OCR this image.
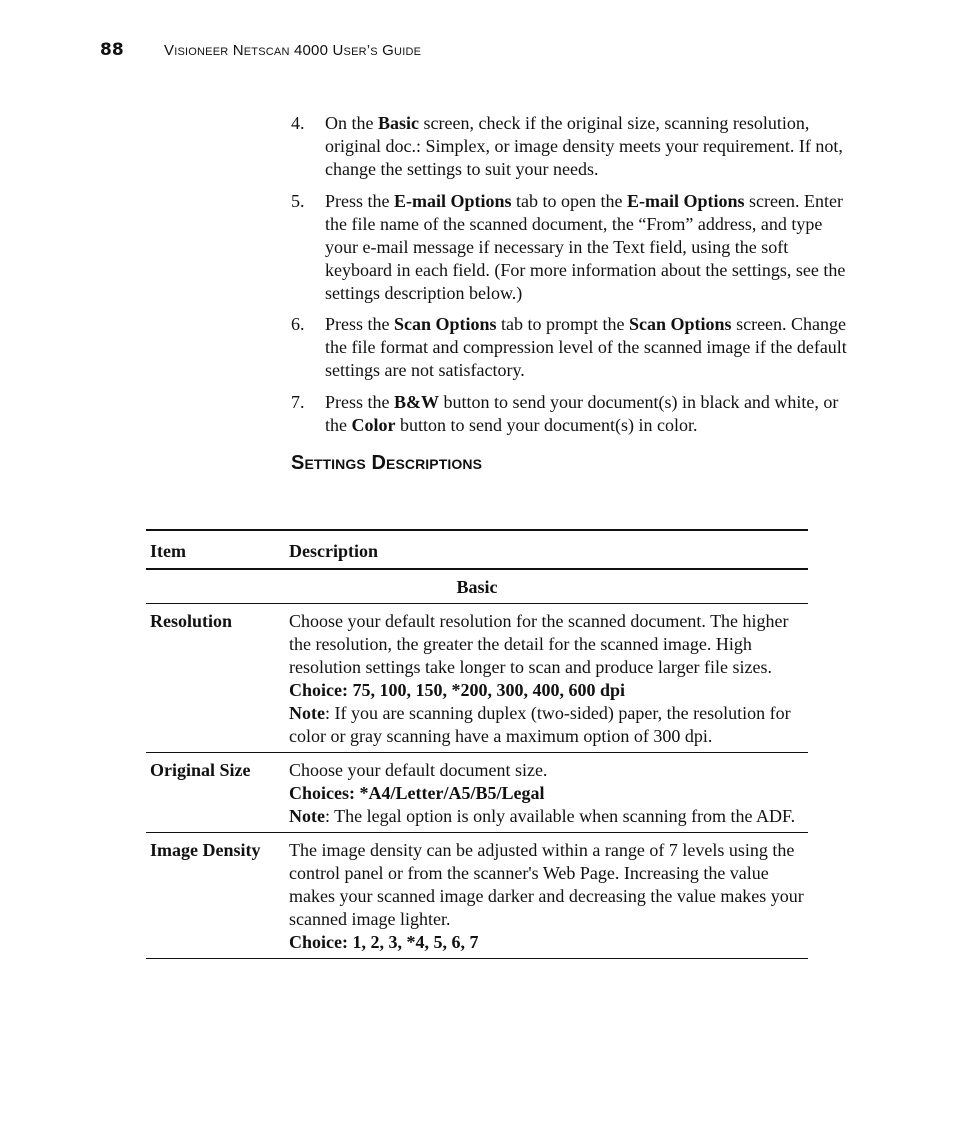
88	Visioneer Netscan 4000 User’s Guide
4.	On the Basic screen, check if the original size, scanning resolution, original doc.: Simplex, or image density meets your requirement. If not, change the settings to suit your needs.
5.	Press the E-mail Options tab to open the E-mail Options screen. Enter the file name of the scanned document, the “From” address, and type your e-mail message if necessary in the Text field, using the soft keyboard in each field. (For more information about the settings, see the settings description below.)
6.	Press the Scan Options tab to prompt the Scan Options screen. Change the file format and compression level of the scanned image if the default settings are not satisfactory.
7.	Press the B&W button to send your document(s) in black and white, or the Color button to send your document(s) in color.
Settings Descriptions
Item	Description
Basic	
Resolution	Choose your default resolution for the scanned document. The higher the resolution, the greater the detail for the scanned image. High resolution settings take longer to scan and produce larger file sizes.
Choice: 75, 100, 150, *200, 300, 400, 600 dpi
Note: If you are scanning duplex (two-sided) paper, the resolution for color or gray scanning have a maximum option of 300 dpi.

Original Size	Choose your default document size.
Choices: *A4/Letter/A5/B5/Legal
Note: The legal option is only available when scanning from the ADF.

Image Density	The image density can be adjusted within a range of 7 levels using the control panel or from the scanner's Web Page. Increasing the value makes your scanned image darker and decreasing the value makes your scanned image lighter.
Choice: 1, 2, 3, *4, 5, 6, 7
